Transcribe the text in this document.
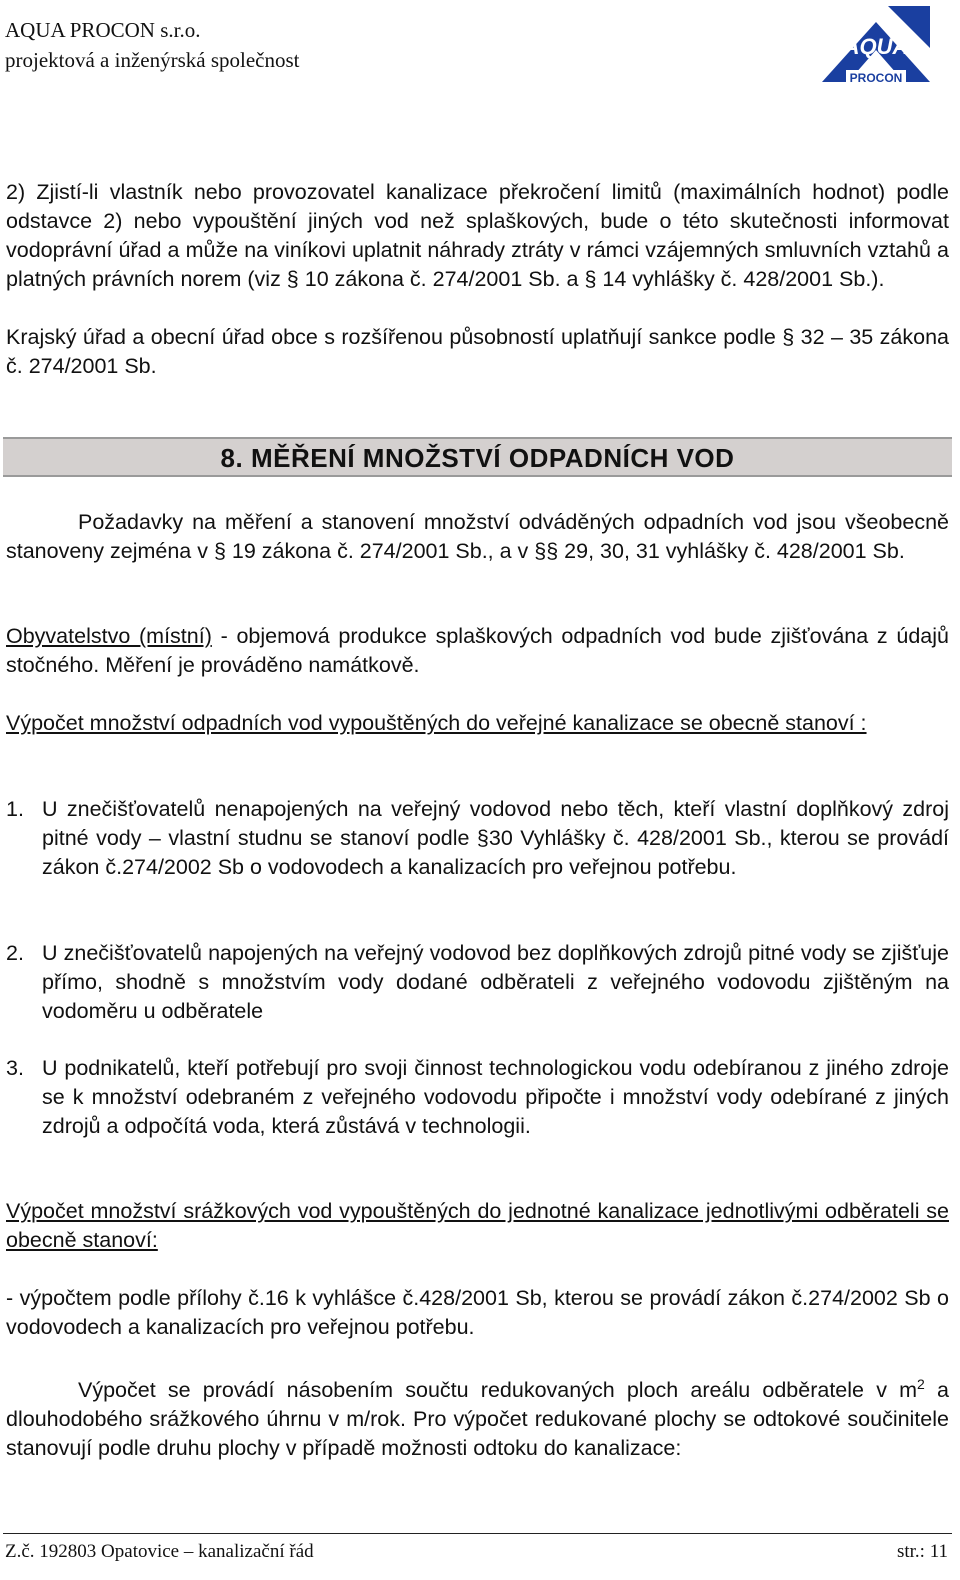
AQUA PROCON s.r.o.
projektová a inženýrská společnost
AQUA
PROCON
2) Zjistí-li vlastník nebo provozovatel kanalizace překročení limitů (maximálních hodnot) podle odstavce 2) nebo vypouštění jiných vod než splaškových, bude o této skutečnosti informovat vodoprávní úřad a může na viníkovi uplatnit náhrady ztráty v rámci vzájemných smluvních vztahů a platných právních norem (viz § 10 zákona č. 274/2001 Sb. a § 14 vyhlášky č. 428/2001 Sb.).
Krajský úřad a obecní úřad obce s rozšířenou působností uplatňují sankce podle § 32 – 35 zákona č. 274/2001 Sb.
8. MĚŘENÍ MNOŽSTVÍ ODPADNÍCH VOD
Požadavky na měření a stanovení množství odváděných odpadních vod jsou všeobecně stanoveny zejména v § 19 zákona č. 274/2001 Sb., a v §§ 29, 30, 31 vyhlášky č. 428/2001 Sb.
Obyvatelstvo (místní) - objemová produkce splaškových odpadních vod bude zjišťována z údajů stočného. Měření je prováděno namátkově.
Výpočet množství odpadních vod vypouštěných do veřejné kanalizace se obecně stanoví :
1. U znečišťovatelů nenapojených na veřejný vodovod nebo těch, kteří vlastní doplňkový zdroj pitné vody – vlastní studnu se stanoví podle §30 Vyhlášky č. 428/2001 Sb., kterou se provádí zákon č.274/2002 Sb o vodovodech a kanalizacích pro veřejnou potřebu.
2. U znečišťovatelů napojených na veřejný vodovod bez doplňkových zdrojů pitné vody se zjišťuje přímo, shodně s množstvím vody dodané odběrateli z veřejného vodovodu zjištěným na vodoměru u odběratele
3. U podnikatelů, kteří potřebují pro svoji činnost technologickou vodu odebíranou z jiného zdroje se k množství odebraném z veřejného vodovodu připočte i množství vody odebírané z jiných zdrojů a odpočítá voda, která zůstává v technologii.
Výpočet množství srážkových vod vypouštěných do jednotné kanalizace jednotlivými odběrateli se obecně stanoví:
- výpočtem podle přílohy č.16 k vyhlášce č.428/2001 Sb, kterou se provádí zákon č.274/2002 Sb o vodovodech a kanalizacích pro veřejnou potřebu.
Výpočet se provádí násobením součtu redukovaných ploch areálu odběratele v $m^2$ a dlouhodobého srážkového úhrnu v m/rok. Pro výpočet redukované plochy se odtokové součinitele stanovují podle druhu plochy v případě možnosti odtoku do kanalizace:
Z.č. 192803 Opatovice – kanalizační řád	str.: 11
